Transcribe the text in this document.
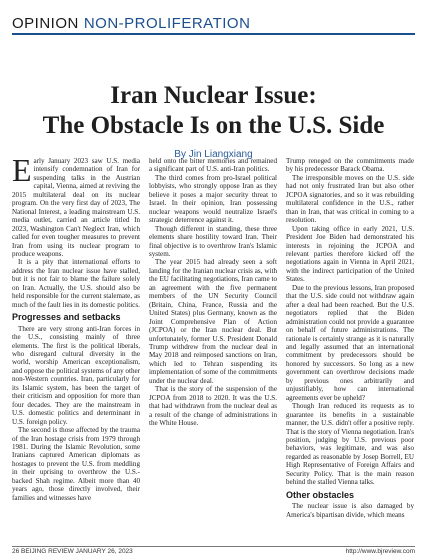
OPINION NON-PROLIFERATION
Iran Nuclear Issue:
The Obstacle Is on the U.S. Side
By Jin Liangxiang

Early January 2023 saw U.S. media intensify condemnation of Iran for suspending talks in the Austrian capital, Vienna, aimed at reviving the 2015 multilateral deal on its nuclear program. On the very first day of 2023, The National Interest, a leading mainstream U.S. media outlet, carried an article titled In 2023, Washington Can't Neglect Iran, which called for even tougher measures to prevent Iran from using its nuclear program to produce weapons.

It is a pity that international efforts to address the Iran nuclear issue have stalled, but it is not fair to blame the failure solely on Iran. Actually, the U.S. should also be held responsible for the current stalemate, as much of the fault lies in its domestic politics.

Progresses and setbacks

There are very strong anti-Iran forces in the U.S., consisting mainly of three elements. The first is the political liberals, who disregard cultural diversity in the world, worship American exceptionalism, and oppose the political systems of any other non-Western countries. Iran, particularly for its Islamic system, has been the target of their criticism and opposition for more than four decades. They are the mainstream in U.S. domestic politics and determinant in U.S. foreign policy.

The second is those affected by the trauma of the Iran hostage crisis from 1979 through 1981. During the Islamic Revolution, some Iranians captured American diplomats as hostages to prevent the U.S. from meddling in their uprising to overthrow the U.S.-backed Shah regime. Albeit more than 40 years ago, those directly involved, their families and witnesses have

held onto the bitter memories and remained a significant part of U.S. anti-Iran politics.

The third comes from pro-Israel political lobbyists, who strongly oppose Iran as they believe it poses a major security threat to Israel. In their opinion, Iran possessing nuclear weapons would neutralize Israel's strategic deterrence against it.

Though different in standing, these three elements share hostility toward Iran. Their final objective is to overthrow Iran's Islamic system.

The year 2015 had already seen a soft landing for the Iranian nuclear crisis as, with the EU facilitating negotiations, Iran came to an agreement with the five permanent members of the UN Security Council (Britain, China, France, Russia and the United States) plus Germany, known as the Joint Comprehensive Plan of Action (JCPOA) or the Iran nuclear deal. But unfortunately, former U.S. President Donald Trump withdrew from the nuclear deal in May 2018 and reimposed sanctions on Iran, which led to Tehran suspending its implementation of some of the commitments under the nuclear deal.

That is the story of the suspension of the JCPOA from 2018 to 2020. It was the U.S. that had withdrawn from the nuclear deal as a result of the change of administrations in the White House.

Trump reneged on the commitments made by his predecessor Barack Obama.

The irresponsible moves on the U.S. side had not only frustrated Iran but also other JCPOA signatories, and so it was rebuilding multilateral confidence in the U.S., rather than in Iran, that was critical in coming to a resolution.

Upon taking office in early 2021, U.S. President Joe Biden had demonstrated his interests in rejoining the JCPOA and relevant parties therefore kicked off the negotiations again in Vienna in April 2021, with the indirect participation of the United States.

Due to the previous lessons, Iran proposed that the U.S. side could not withdraw again after a deal had been reached. But the U.S. negotiators replied that the Biden administration could not provide a guarantee on behalf of future administrations. The rationale is certainly strange as it is naturally and legally assumed that an international commitment by predecessors should be honored by successors. So long as a new government can overthrow decisions made by previous ones arbitrarily and unjustifiably, how can international agreements ever be upheld?

Though Iran reduced its requests as to guarantee its benefits in a sustainable manner, the U.S. didn't offer a positive reply. That is the story of Vienna negotiation. Iran's position, judging by U.S. previous poor behaviors, was legitimate, and was also regarded as reasonable by Josep Borrell, EU High Representative of Foreign Affairs and Security Policy. That is the main reason behind the stalled Vienna talks.

Other obstacles

The nuclear issue is also damaged by America's bipartisan divide, which means

26 BEIJING REVIEW JANUARY 26, 2023	http://www.bjreview.com
